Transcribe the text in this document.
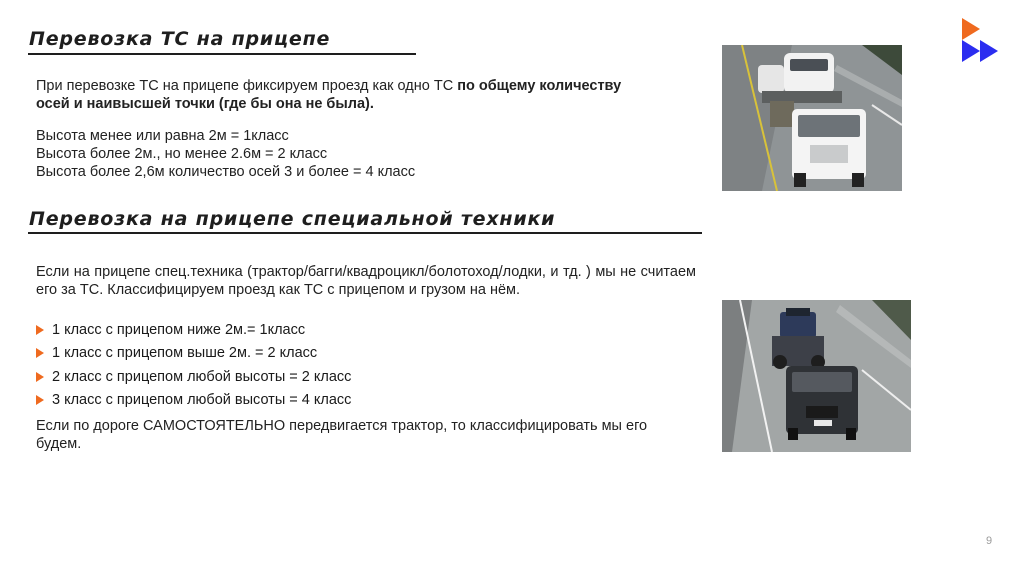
Перевозка ТС на прицепе

При перевозке ТС на прицепе фиксируем проезд как одно ТС по общему количеству осей и наивысшей точки (где бы она не была).

Высота менее или равна 2м = 1класс
Высота более 2м., но менее 2.6м = 2 класс
Высота более 2,6м количество осей 3 и более = 4 класс
Перевозка на прицепе специальной техники

Если на прицепе спец.техника (трактор/багги/квадроцикл/болотоход/лодки, и тд. ) мы не считаем его за ТС. Классифицируем проезд как ТС с прицепом и грузом на нём.

1 класс с прицепом ниже 2м.= 1класс
1 класс с прицепом выше 2м. = 2 класс
2 класс с прицепом любой высоты = 2 класс
3 класс с прицепом любой высоты = 4 класс

Если по дороге САМОСТОЯТЕЛЬНО передвигается трактор, то классифицировать мы его будем.

9
